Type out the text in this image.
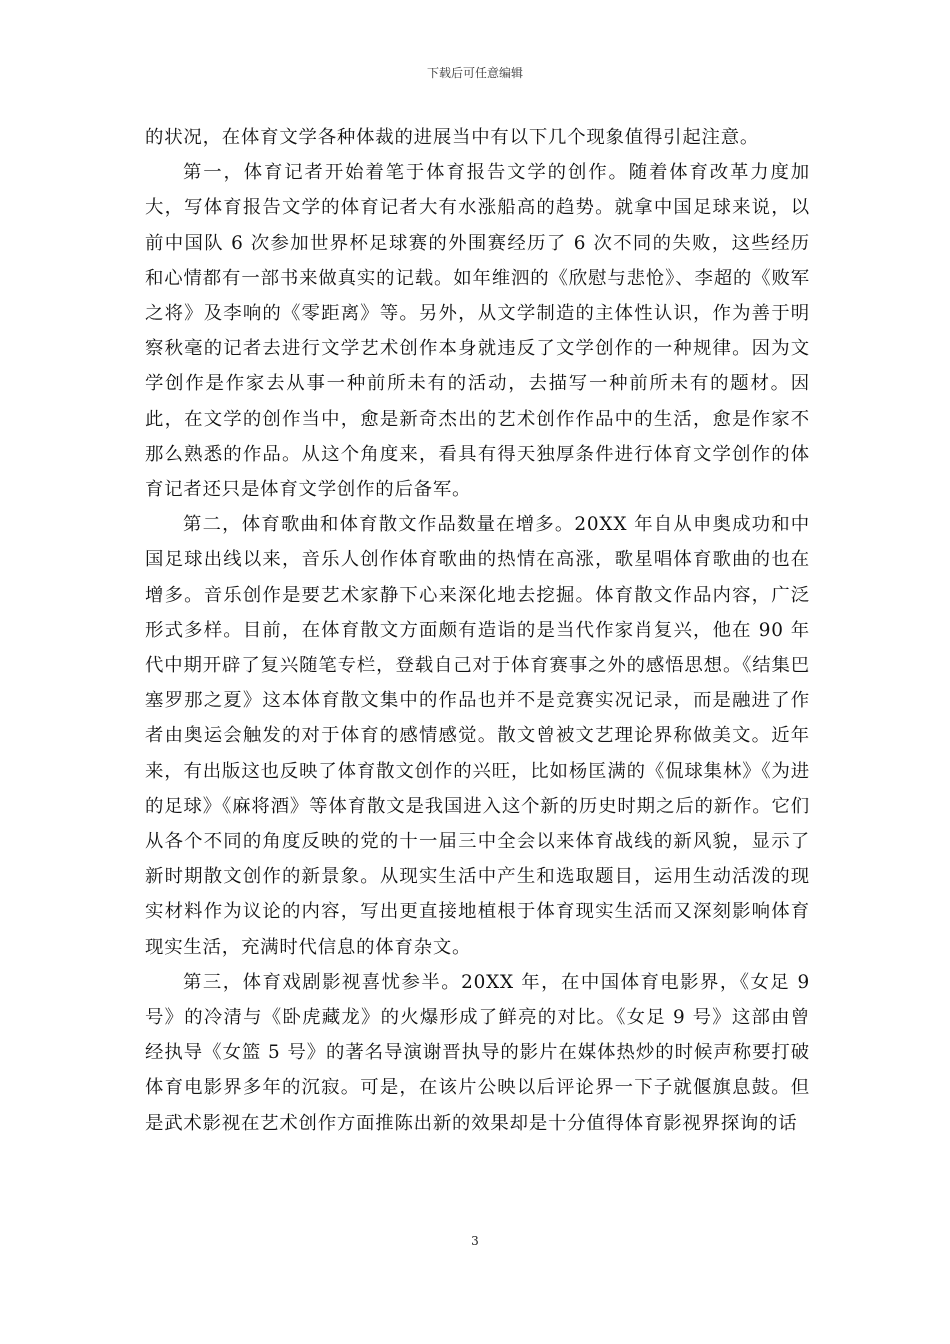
下载后可任意编辑

的状况，在体育文学各种体裁的进展当中有以下几个现象值得引起注意。

第一，体育记者开始着笔于体育报告文学的创作。随着体育改革力度加大，写体育报告文学的体育记者大有水涨船高的趋势。就拿中国足球来说，以前中国队 6 次参加世界杯足球赛的外围赛经历了 6 次不同的失败，这些经历和心情都有一部书来做真实的记载。如年维泗的《欣慰与悲怆》、李超的《败军之将》及李响的《零距离》等。另外，从文学制造的主体性认识，作为善于明察秋毫的记者去进行文学艺术创作本身就违反了文学创作的一种规律。因为文学创作是作家去从事一种前所未有的活动，去描写一种前所未有的题材。因此，在文学的创作当中，愈是新奇杰出的艺术创作作品中的生活，愈是作家不那么熟悉的作品。从这个角度来，看具有得天独厚条件进行体育文学创作的体育记者还只是体育文学创作的后备军。

第二，体育歌曲和体育散文作品数量在增多。20XX 年自从申奥成功和中国足球出线以来，音乐人创作体育歌曲的热情在高涨，歌星唱体育歌曲的也在增多。音乐创作是要艺术家静下心来深化地去挖掘。体育散文作品内容，广泛形式多样。目前，在体育散文方面颇有造诣的是当代作家肖复兴，他在 90 年代中期开辟了复兴随笔专栏，登载自己对于体育赛事之外的感悟思想。《结集巴塞罗那之夏》这本体育散文集中的作品也并不是竞赛实况记录，而是融进了作者由奥运会触发的对于体育的感情感觉。散文曾被文艺理论界称做美文。近年来，有出版这也反映了体育散文创作的兴旺，比如杨匡满的《侃球集林》《为进的足球》《麻将酒》等体育散文是我国进入这个新的历史时期之后的新作。它们从各个不同的角度反映的党的十一届三中全会以来体育战线的新风貌，显示了新时期散文创作的新景象。从现实生活中产生和选取题目，运用生动活泼的现实材料作为议论的内容，写出更直接地植根于体育现实生活而又深刻影响体育现实生活，充满时代信息的体育杂文。

第三，体育戏剧影视喜忧参半。20XX 年，在中国体育电影界，《女足 9 号》的冷清与《卧虎藏龙》的火爆形成了鲜亮的对比。《女足 9 号》这部由曾经执导《女篮 5 号》的著名导演谢晋执导的影片在媒体热炒的时候声称要打破体育电影界多年的沉寂。可是，在该片公映以后评论界一下子就偃旗息鼓。但是武术影视在艺术创作方面推陈出新的效果却是十分值得体育影视界探询的话

3
